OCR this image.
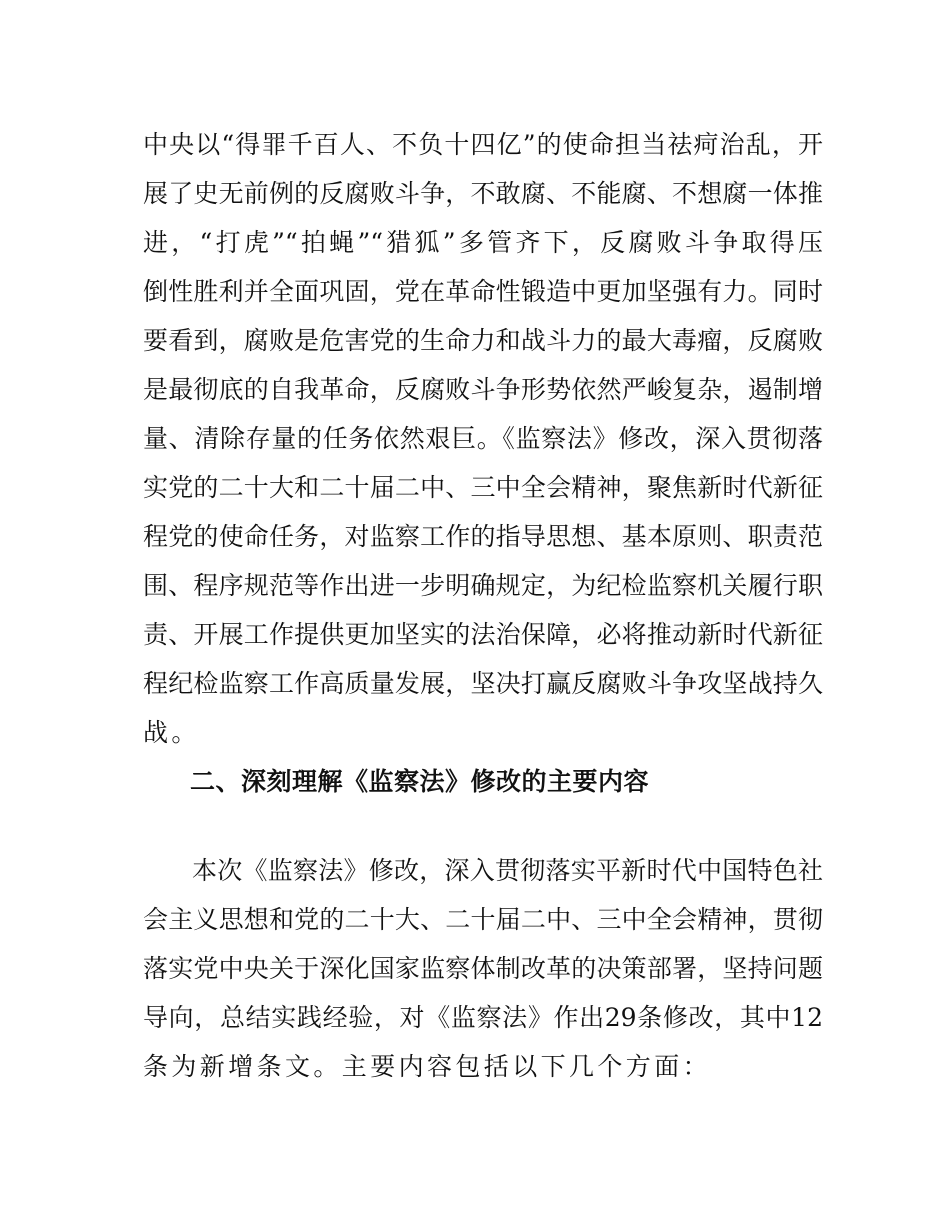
中央以“得罪千百人、不负十四亿”的使命担当祛疴治乱，开
展了史无前例的反腐败斗争，不敢腐、不能腐、不想腐一体推
进，“打虎”“拍蝇”“猎狐”多管齐下，反腐败斗争取得压
倒性胜利并全面巩固，党在革命性锻造中更加坚强有力。同时
要看到，腐败是危害党的生命力和战斗力的最大毒瘤，反腐败
是最彻底的自我革命，反腐败斗争形势依然严峻复杂，遏制增
量、清除存量的任务依然艰巨。《监察法》修改，深入贯彻落
实党的二十大和二十届二中、三中全会精神，聚焦新时代新征
程党的使命任务，对监察工作的指导思想、基本原则、职责范
围、程序规范等作出进一步明确规定，为纪检监察机关履行职
责、开展工作提供更加坚实的法治保障，必将推动新时代新征
程纪检监察工作高质量发展，坚决打赢反腐败斗争攻坚战持久
战。
二、深刻理解《监察法》修改的主要内容
本次《监察法》修改，深入贯彻落实平新时代中国特色社
会主义思想和党的二十大、二十届二中、三中全会精神，贯彻
落实党中央关于深化国家监察体制改革的决策部署，坚持问题
导向，总结实践经验，对《监察法》作出29条修改，其中12
条为新增条文。主要内容包括以下几个方面：
